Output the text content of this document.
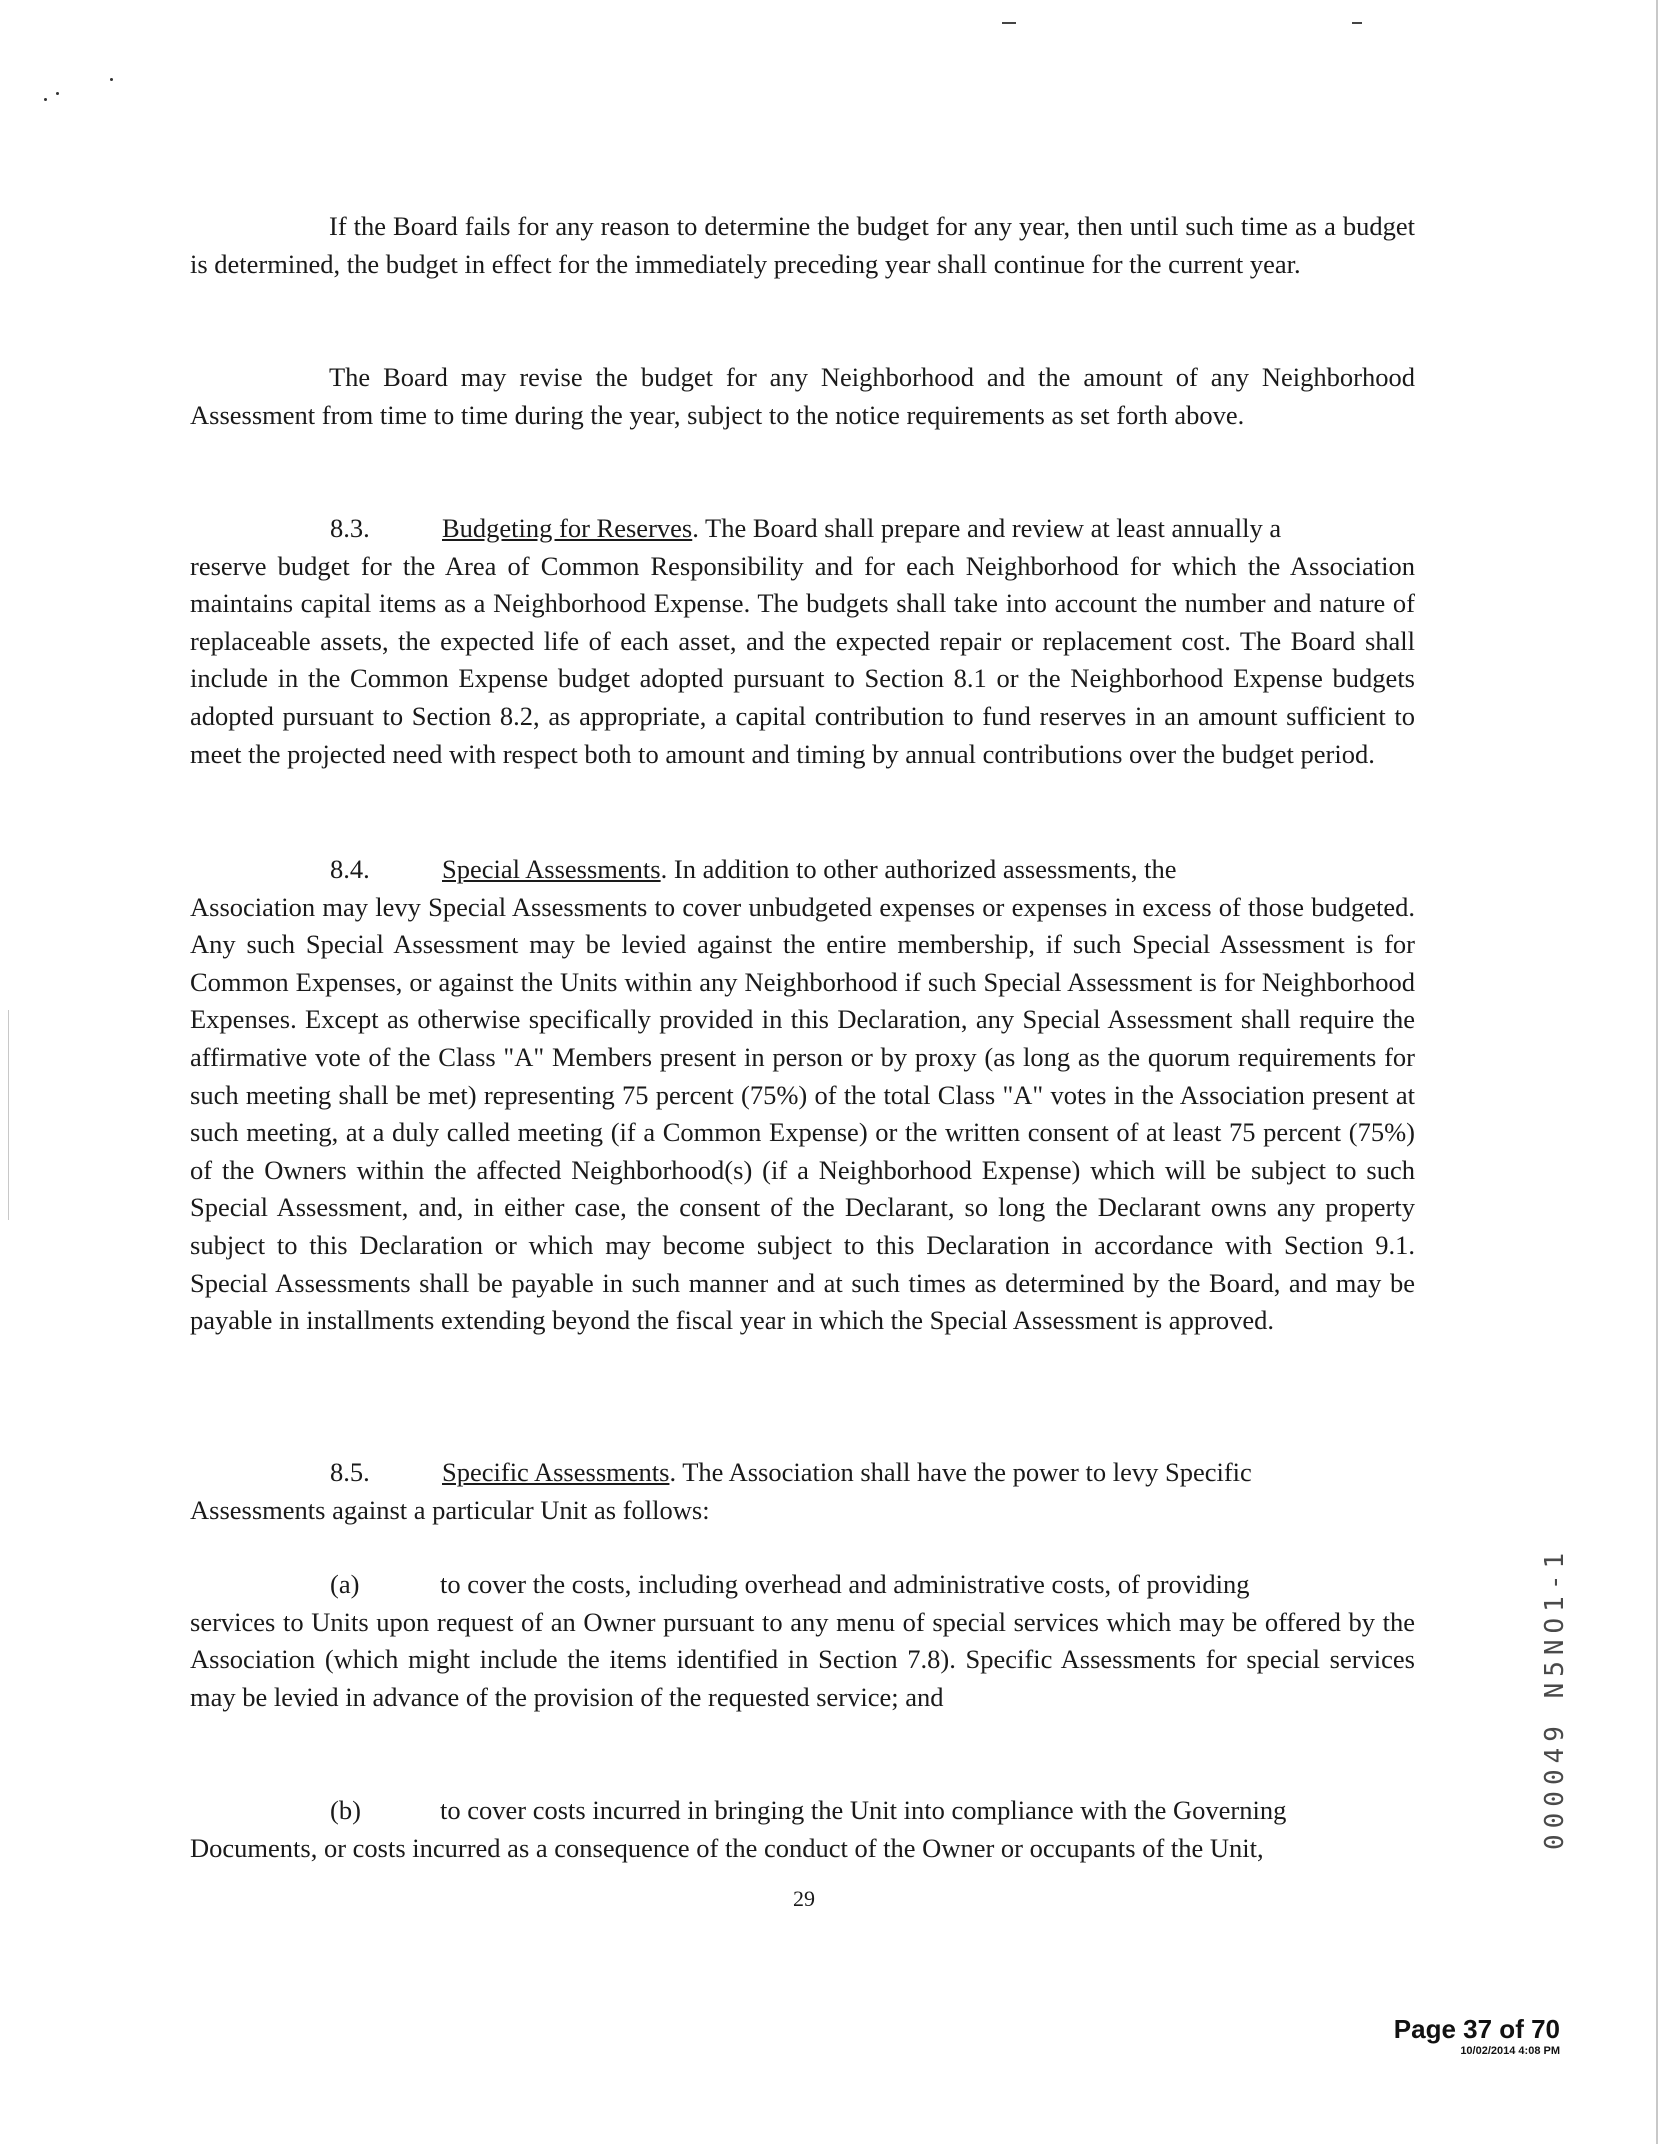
If the Board fails for any reason to determine the budget for any year, then until such time as a budget is determined, the budget in effect for the immediately preceding year shall continue for the current year.

The Board may revise the budget for any Neighborhood and the amount of any Neighborhood Assessment from time to time during the year, subject to the notice requirements as set forth above.

8.3.	Budgeting for Reserves. The Board shall prepare and review at least annually a

reserve budget for the Area of Common Responsibility and for each Neighborhood for which the Association maintains capital items as a Neighborhood Expense. The budgets shall take into account the number and nature of replaceable assets, the expected life of each asset, and the expected repair or replacement cost. The Board shall include in the Common Expense budget adopted pursuant to Section 8.1 or the Neighborhood Expense budgets adopted pursuant to Section 8.2, as appropriate, a capital contribution to fund reserves in an amount sufficient to meet the projected need with respect both to amount and timing by annual contributions over the budget period.

8.4.	Special Assessments. In addition to other authorized assessments, the

Association may levy Special Assessments to cover unbudgeted expenses or expenses in excess of those budgeted. Any such Special Assessment may be levied against the entire membership, if such Special Assessment is for Common Expenses, or against the Units within any Neighborhood if such Special Assessment is for Neighborhood Expenses. Except as otherwise specifically provided in this Declaration, any Special Assessment shall require the affirmative vote of the Class "A" Members present in person or by proxy (as long as the quorum requirements for such meeting shall be met) representing 75 percent (75%) of the total Class "A" votes in the Association present at such meeting, at a duly called meeting (if a Common Expense) or the written consent of at least 75 percent (75%) of the Owners within the affected Neighborhood(s) (if a Neighborhood Expense) which will be subject to such Special Assessment, and, in either case, the consent of the Declarant, so long the Declarant owns any property subject to this Declaration or which may become subject to this Declaration in accordance with Section 9.1. Special Assessments shall be payable in such manner and at such times as determined by the Board, and may be payable in installments extending beyond the fiscal year in which the Special Assessment is approved.

8.5.	Specific Assessments. The Association shall have the power to levy Specific

Assessments against a particular Unit as follows:

(a)	to cover the costs, including overhead and administrative costs, of providing

services to Units upon request of an Owner pursuant to any menu of special services which may be offered by the Association (which might include the items identified in Section 7.8). Specific Assessments for special services may be levied in advance of the provision of the requested service; and

(b)	to cover costs incurred in bringing the Unit into compliance with the Governing

Documents, or costs incurred as a consequence of the conduct of the Owner or occupants of the Unit,

29
000049 N5NO1-1
Page 37 of 70
10/02/2014 4:08 PM
